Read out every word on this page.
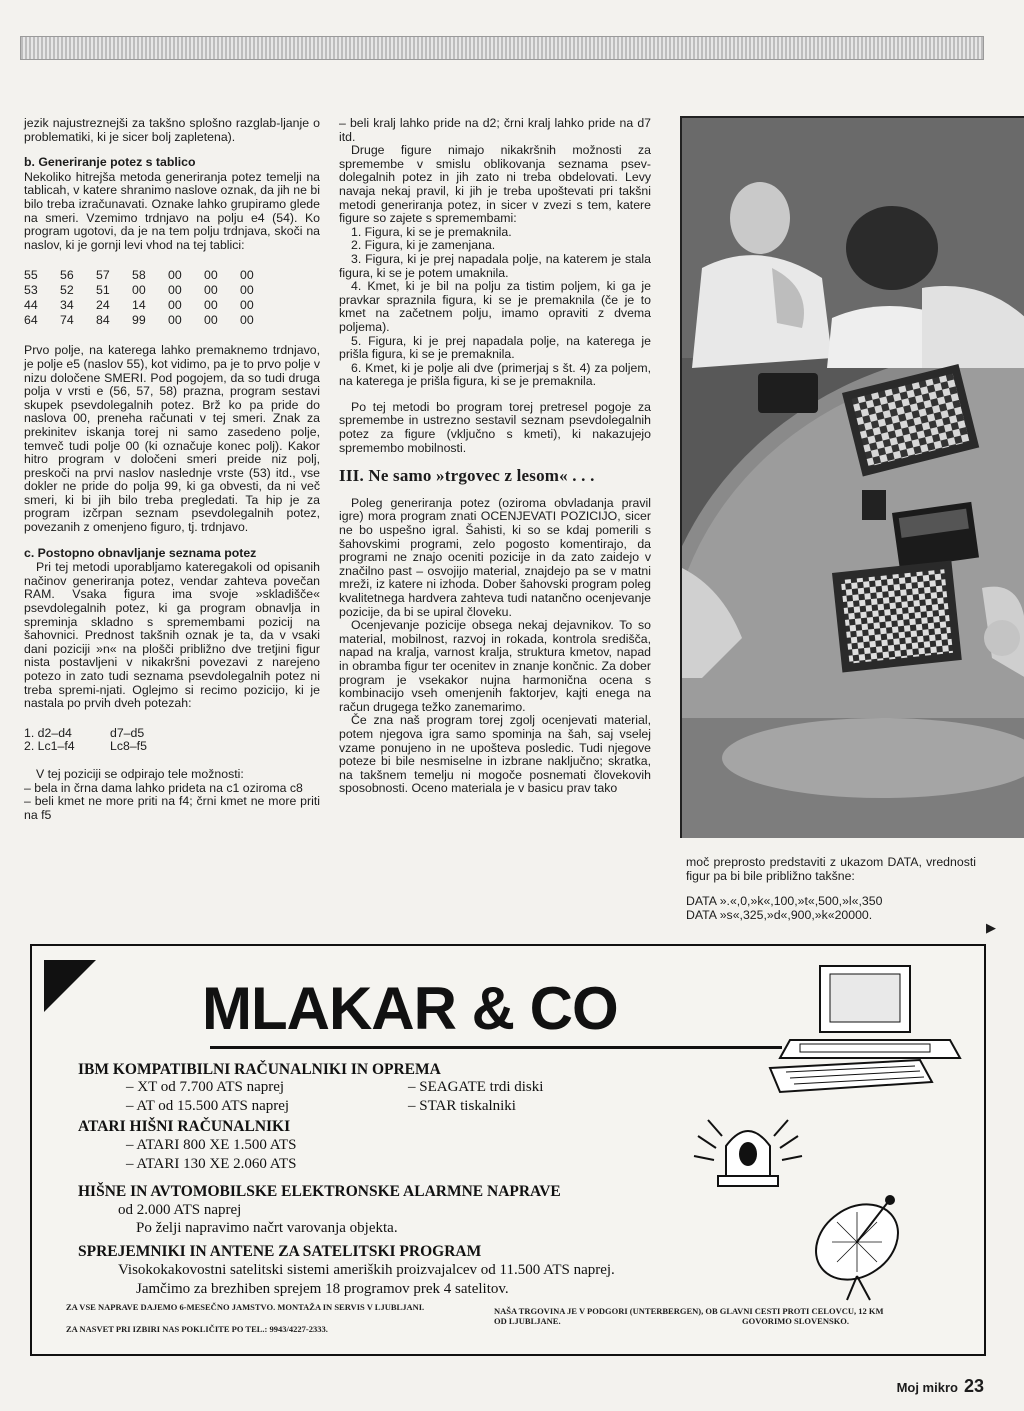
jezik najustreznejši za takšno splošno razglab-ljanje o problematiki, ki je sicer bolj zapletena).

b. Generiranje potez s tablico

Nekoliko hitrejša metoda generiranja potez temelji na tablicah, v katere shranimo naslove oznak, da jih ne bi bilo treba izračunavati. Oznake lahko grupiramo glede na smeri. Vzemimo trdnjavo na polju e4 (54). Ko program ugotovi, da je na tem polju trdnjava, skoči na naslov, ki je gornji levi vhod na tej tablici:

55	56	57	58	00	00	00
53	52	51	00	00	00	00
44	34	24	14	00	00	00
64	74	84	99	00	00	00

Prvo polje, na katerega lahko premaknemo trdnjavo, je polje e5 (naslov 55), kot vidimo, pa je to prvo polje v nizu določene SMERI. Pod pogojem, da so tudi druga polja v vrsti e (56, 57, 58) prazna, program sestavi skupek psevdolegalnih potez. Brž ko pa pride do naslova 00, preneha računati v tej smeri. Znak za prekinitev iskanja torej ni samo zasedeno polje, temveč tudi polje 00 (ki označuje konec polj). Kakor hitro program v določeni smeri preide niz polj, preskoči na prvi naslov naslednje vrste (53) itd., vse dokler ne pride do polja 99, ki ga obvesti, da ni več smeri, ki bi jih bilo treba pregledati. Ta hip je za program izčrpan seznam psevdolegalnih potez, povezanih z omenjeno figuro, tj. trdnjavo.

c. Postopno obnavljanje seznama potez

Pri tej metodi uporabljamo kateregakoli od opisanih načinov generiranja potez, vendar zahteva povečan RAM. Vsaka figura ima svoje »skladišče« psevdolegalnih potez, ki ga program obnavlja in spreminja skladno s spremembami pozicij na šahovnici. Prednost takšnih oznak je ta, da v vsaki dani poziciji »n« na plošči približno dve tretjini figur nista postavljeni v nikakršni povezavi z narejeno potezo in zato tudi seznama psevdolegalnih potez ni treba spremi-njati. Oglejmo si recimo pozicijo, ki je nastala po prvih dveh potezah:

1. d2–d4	d7–d5
2. Lc1–f4	Lc8–f5

V tej poziciji se odpirajo tele možnosti:

– bela in črna dama lahko prideta na c1 oziroma c8

– beli kmet ne more priti na f4; črni kmet ne more priti na f5

– beli kralj lahko pride na d2; črni kralj lahko pride na d7 itd.

Druge figure nimajo nikakršnih možnosti za spremembe v smislu oblikovanja seznama psev-dolegalnih potez in jih zato ni treba obdelovati. Levy navaja nekaj pravil, ki jih je treba upoštevati pri takšni metodi generiranja potez, in sicer v zvezi s tem, katere figure so zajete s spremembami:

1. Figura, ki se je premaknila.

2. Figura, ki je zamenjana.

3. Figura, ki je prej napadala polje, na katerem je stala figura, ki se je potem umaknila.

4. Kmet, ki je bil na polju za tistim poljem, ki ga je pravkar spraznila figura, ki se je premaknila (če je to kmet na začetnem polju, imamo opraviti z dvema poljema).

5. Figura, ki je prej napadala polje, na katerega je prišla figura, ki se je premaknila.

6. Kmet, ki je polje ali dve (primerjaj s št. 4) za poljem, na katerega je prišla figura, ki se je premaknila.

Po tej metodi bo program torej pretresel pogoje za spremembe in ustrezno sestavil seznam psevdolegalnih potez za figure (vključno s kmeti), ki nakazujejo spremembo mobilnosti.

III. Ne samo »trgovec z lesom« . . .

Poleg generiranja potez (oziroma obvladanja pravil igre) mora program znati OCENJEVATI POZICIJO, sicer ne bo uspešno igral. Šahisti, ki so se kdaj pomerili s šahovskimi programi, zelo pogosto komentirajo, da programi ne znajo oceniti pozicije in da zato zaidejo v značilno past – osvojijo material, znajdejo pa se v matni mreži, iz katere ni izhoda. Dober šahovski program poleg kvalitetnega hardvera zahteva tudi natančno ocenjevanje pozicije, da bi se upiral človeku.

Ocenjevanje pozicije obsega nekaj dejavnikov. To so material, mobilnost, razvoj in rokada, kontrola središča, napad na kralja, varnost kralja, struktura kmetov, napad in obramba figur ter ocenitev in znanje končnic. Za dober program je vsekakor nujna harmonična ocena s kombinacijo vseh omenjenih faktorjev, kajti enega na račun drugega težko zanemarimo.

Če zna naš program torej zgolj ocenjevati material, potem njegova igra samo spominja na šah, saj vselej vzame ponujeno in ne upošteva posledic. Tudi njegove poteze bi bile nesmiselne in izbrane naključno; skratka, na takšnem temelju ni mogoče posnemati človekovih sposobnosti. Oceno materiala je v basicu prav tako

moč preprosto predstaviti z ukazom DATA, vrednosti figur pa bi bile približno takšne:

DATA ».«,0,»k«,100,»t«,500,»l«,350

DATA »s«,325,»d«,900,»k«20000.

▶
MLAKAR & CO
IBM KOMPATIBILNI RAČUNALNIKI IN OPREMA
– XT od 7.700 ATS naprej	– SEAGATE trdi diski
– AT od 15.500 ATS naprej	– STAR tiskalniki
ATARI HIŠNI RAČUNALNIKI
– ATARI 800 XE 1.500 ATS
– ATARI 130 XE 2.060 ATS
HIŠNE IN AVTOMOBILSKE ELEKTRONSKE ALARMNE NAPRAVE
od 2.000 ATS naprej
Po želji napravimo načrt varovanja objekta.
SPREJEMNIKI IN ANTENE ZA SATELITSKI PROGRAM
Visokokakovostni satelitski sistemi ameriških proizvajalcev od 11.500 ATS naprej.
Jamčimo za brezhiben sprejem 18 programov prek 4 satelitov.
ZA VSE NAPRAVE DAJEMO 6-MESEČNO JAMSTVO. MONTAŽA IN SERVIS V LJUBLJANI.
ZA NASVET PRI IZBIRI NAS POKLIČITE PO TEL.: 9943/4227-2333.
NAŠA TRGOVINA JE V PODGORI (UNTERBERGEN), OB GLAVNI CESTI PROTI CELOVCU, 12 KM OD LJUBLJANE.	GOVORIMO SLOVENSKO.
Moj mikro 23
